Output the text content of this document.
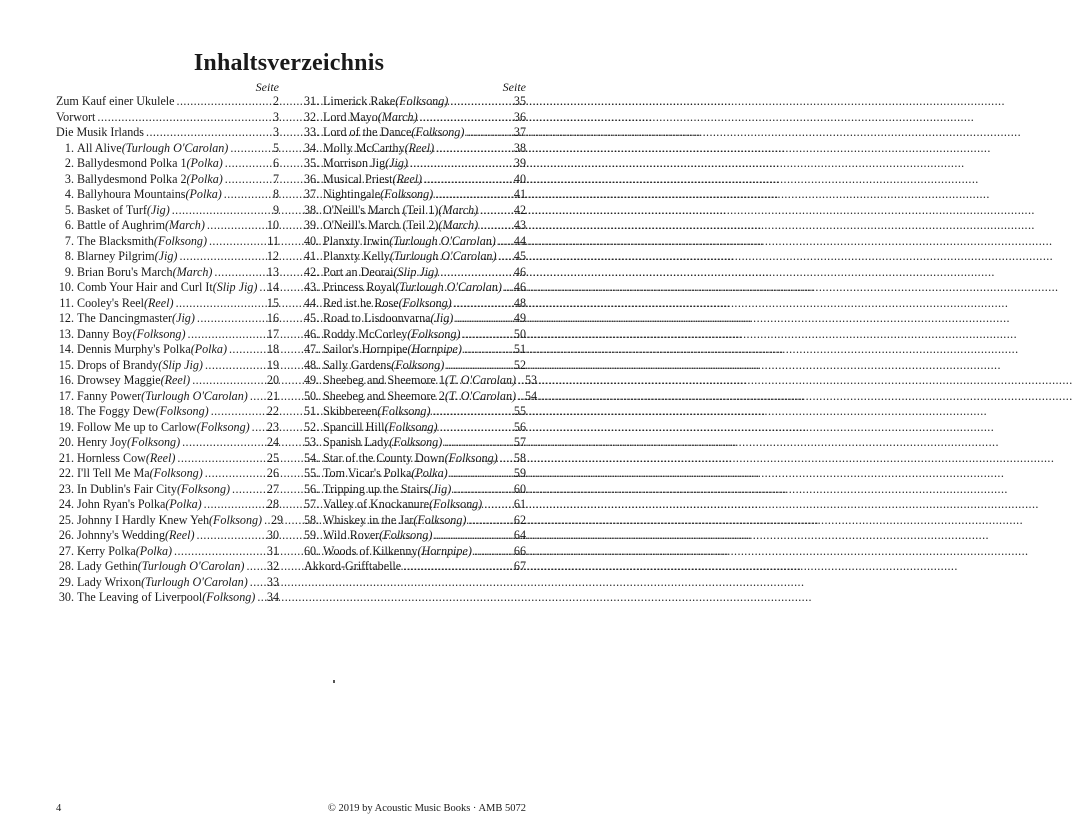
Inhaltsverzeichnis
Seite
Zum Kauf einer Ukulele .....	2
Vorwort .....	3
Die Musik Irlands .....	3
1. All Alive (Turlough O'Carolan) .....	5
2. Ballydesmond Polka 1 (Polka) .....	6
3. Ballydesmond Polka 2 (Polka) .....	7
4. Ballyhoura Mountains (Polka) .....	8
5. Basket of Turf (Jig) .....	9
6. Battle of Aughrim (March) .....	10
7. The Blacksmith (Folksong) .....	11
8. Blarney Pilgrim (Jig) .....	12
9. Brian Boru's March (March) .....	13
10. Comb Your Hair and Curl It (Slip Jig) ..... 14
11. Cooley's Reel (Reel) .....	15
12. The Dancingmaster (Jig) .....	16
13. Danny Boy (Folksong) .....	17
14. Dennis Murphy's Polka (Polka) .....	18
15. Drops of Brandy (Slip Jig) .....	19
16. Drowsey Maggie (Reel) .....	20
17. Fanny Power (Turlough O'Carolan) ..... 21
18. The Foggy Dew (Folksong) .....	22
19. Follow Me up to Carlow (Folksong) ..... 23
20. Henry Joy (Folksong) .....	24
21. Hornless Cow (Reel) .....	25
22. I'll Tell Me Ma (Folksong) .....	26
23. In Dublin's Fair City (Folksong) .....	27
24. John Ryan's Polka (Polka) .....	28
25. Johnny I Hardly Knew Yeh (Folksong) ..... 29
26. Johnny's Wedding (Reel) .....	30
27. Kerry Polka (Polka) .....	31
28. Lady Gethin (Turlough O'Carolan) ..... 32
29. Lady Wrixon (Turlough O'Carolan) ..... 33
30. The Leaving of Liverpool (Folksong) ..... 34
Seite
31. Limerick Rake (Folksong) .....	35
32. Lord Mayo (March) .....	36
33. Lord of the Dance (Folksong) .....	37
34. Molly McCarthy (Reel) .....	38
35. Morrison Jig (Jig) .....	39
36. Musical Priest (Reel) .....	40
37. Nightingale (Folksong) .....	41
38. O'Neill's March (Teil 1) (March) .....	42
39. O'Neill's March (Teil 2) (March) .....	43
40. Planxty Irwin (Turlough O'Carolan) ..... 44
41. Planxty Kelly (Turlough O'Carolan) ..... 45
42. Port an Deorai (Slip Jig) .....	46
43. Princess Royal (Turlough O'Carolan) ..... 46
44. Red ist he Rose (Folksong) .....	48
45. Road to Lisdoonvarna (Jig) .....	49
46. Roddy McCorley (Folksong) .....	50
47. Sailor's Hornpipe (Hornpipe) .....	51
48. Sally Gardens (Folksong) .....	52
49. Sheebeg and Sheemore 1 (T. O'Carolan) ..... 53
50. Sheebeg and Sheemore 2 (T. O'Carolan) ..... 54
51. Skibbereen (Folksong) .....	55
52. Spancill Hill (Folksong) .....	56
53. Spanish Lady (Folksong) .....	57
54. Star of the County Down (Folksong) ..... 58
55. Tom Vicar's Polka (Polka) .....	59
56. Tripping up the Stairs (Jig) .....	60
57. Valley of Knockanure (Folksong) .....	61
58. Whiskey in the Jar (Folksong) .....	62
59. Wild Rover (Folksong) .....	64
60. Woods of Kilkenny (Hornpipe) .....	66
Akkord-Grifftabelle .....	67
4	© 2019 by Acoustic Music Books · AMB 5072
